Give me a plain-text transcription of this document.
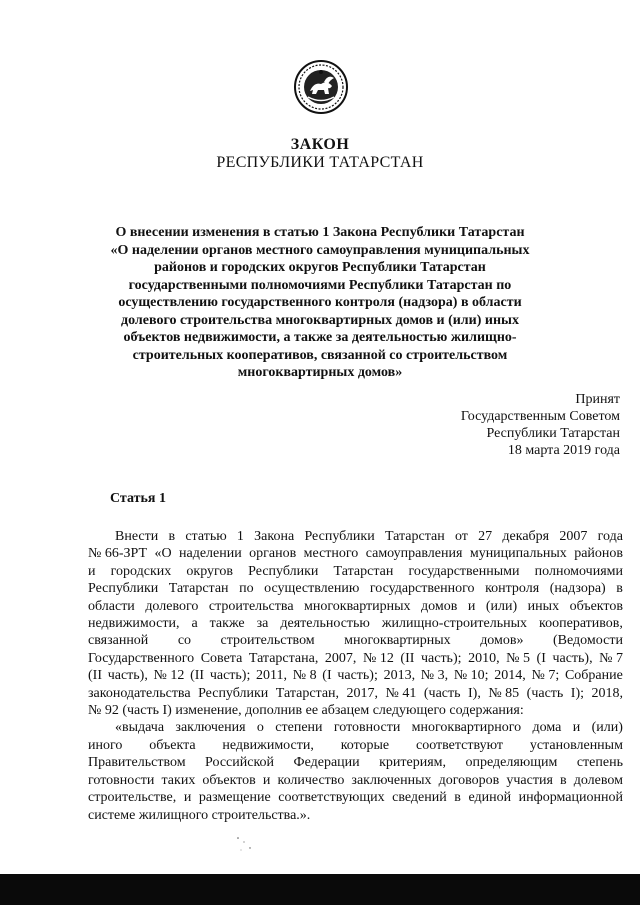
ЗАКОН
РЕСПУБЛИКИ ТАТАРСТАН
О внесении изменения в статью 1 Закона Республики Татарстан
«О наделении органов местного самоуправления муниципальных
районов и городских округов Республики Татарстан
государственными полномочиями Республики Татарстан по
осуществлению государственного контроля (надзора) в области
долевого строительства многоквартирных домов и (или) иных
объектов недвижимости, а также за деятельностью жилищно-
строительных кооперативов, связанной со строительством
многоквартирных домов»
Принят
Государственным Советом
Республики Татарстан
18 марта 2019 года
Статья 1
Внести в статью 1 Закона Республики Татарстан от 27 декабря 2007 года
№ 66-ЗРТ «О наделении органов местного самоуправления муниципальных районов
и городских округов Республики Татарстан государственными полномочиями
Республики Татарстан по осуществлению государственного контроля (надзора) в
области долевого строительства многоквартирных домов и (или) иных объектов
недвижимости, а также за деятельностью жилищно-строительных кооперативов,
связанной со строительством многоквартирных домов» (Ведомости
Государственного Совета Татарстана, 2007, № 12 (II часть); 2010, № 5 (I часть), № 7
(II часть), № 12 (II часть); 2011, № 8 (I часть); 2013, № 3, № 10; 2014, № 7; Собрание
законодательства Республики Татарстан, 2017, № 41 (часть I), № 85 (часть I); 2018,
№ 92 (часть I) изменение, дополнив ее абзацем следующего содержания:
«выдача заключения о степени готовности многоквартирного дома и (или)
иного объекта недвижимости, которые соответствуют установленным
Правительством Российской Федерации критериям, определяющим степень
готовности таких объектов и количество заключенных договоров участия в долевом
строительстве, и размещение соответствующих сведений в единой информационной
системе жилищного строительства.».
